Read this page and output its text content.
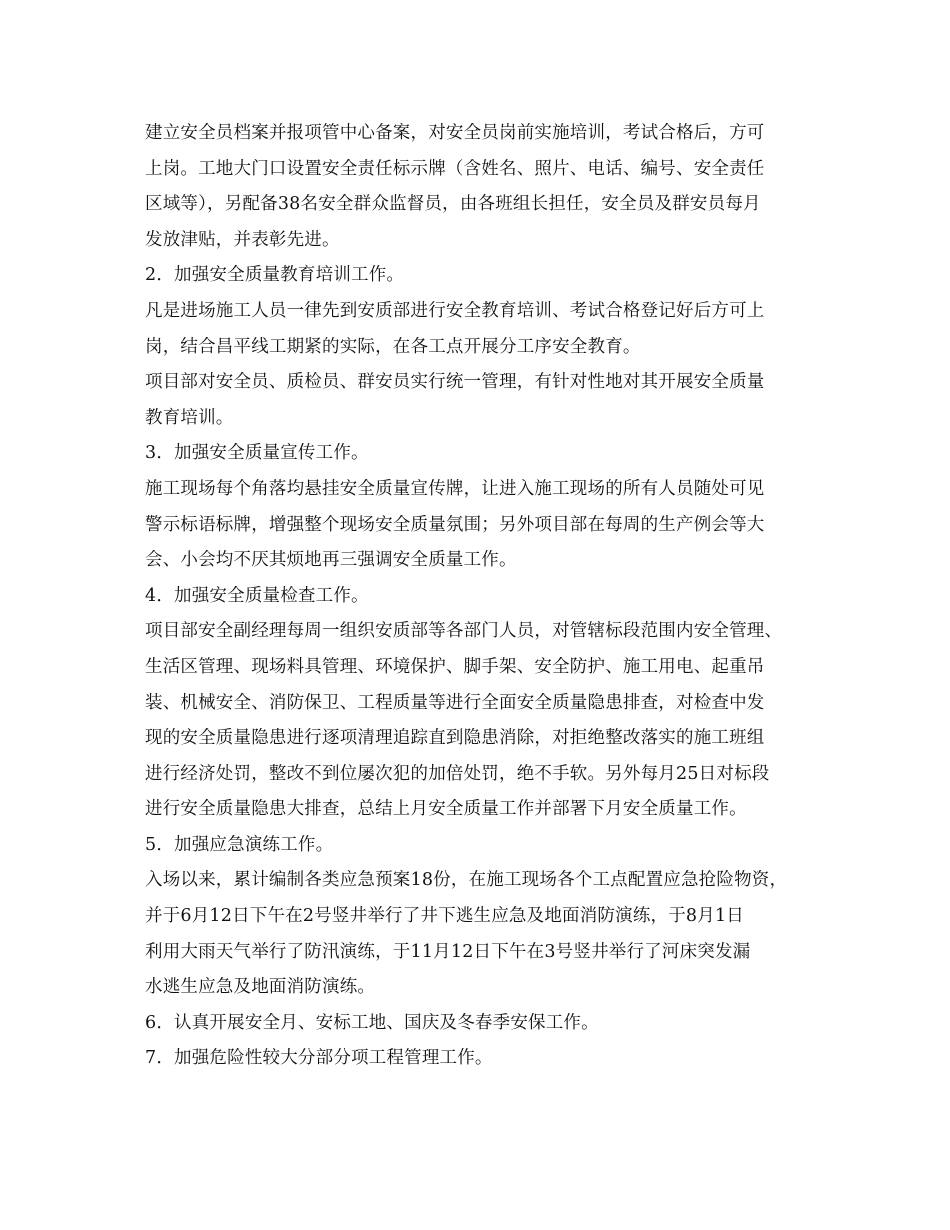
建立安全员档案并报项管中心备案，对安全员岗前实施培训，考试合格后，方可
上岗。工地大门口设置安全责任标示牌（含姓名、照片、电话、编号、安全责任
区域等），另配备38名安全群众监督员，由各班组长担任，安全员及群安员每月
发放津贴，并表彰先进。
2．加强安全质量教育培训工作。
凡是进场施工人员一律先到安质部进行安全教育培训、考试合格登记好后方可上
岗，结合昌平线工期紧的实际，在各工点开展分工序安全教育。
项目部对安全员、质检员、群安员实行统一管理，有针对性地对其开展安全质量
教育培训。
3．加强安全质量宣传工作。
施工现场每个角落均悬挂安全质量宣传牌，让进入施工现场的所有人员随处可见
警示标语标牌，增强整个现场安全质量氛围；另外项目部在每周的生产例会等大
会、小会均不厌其烦地再三强调安全质量工作。
4．加强安全质量检查工作。
项目部安全副经理每周一组织安质部等各部门人员，对管辖标段范围内安全管理、
生活区管理、现场料具管理、环境保护、脚手架、安全防护、施工用电、起重吊
装、机械安全、消防保卫、工程质量等进行全面安全质量隐患排查，对检查中发
现的安全质量隐患进行逐项清理追踪直到隐患消除，对拒绝整改落实的施工班组
进行经济处罚，整改不到位屡次犯的加倍处罚，绝不手软。另外每月25日对标段
进行安全质量隐患大排查，总结上月安全质量工作并部署下月安全质量工作。
5．加强应急演练工作。
入场以来，累计编制各类应急预案18份，在施工现场各个工点配置应急抢险物资，
并于6月12日下午在2号竖井举行了井下逃生应急及地面消防演练，于8月1日
利用大雨天气举行了防汛演练，于11月12日下午在3号竖井举行了河床突发漏
水逃生应急及地面消防演练。
6．认真开展安全月、安标工地、国庆及冬春季安保工作。
7．加强危险性较大分部分项工程管理工作。
